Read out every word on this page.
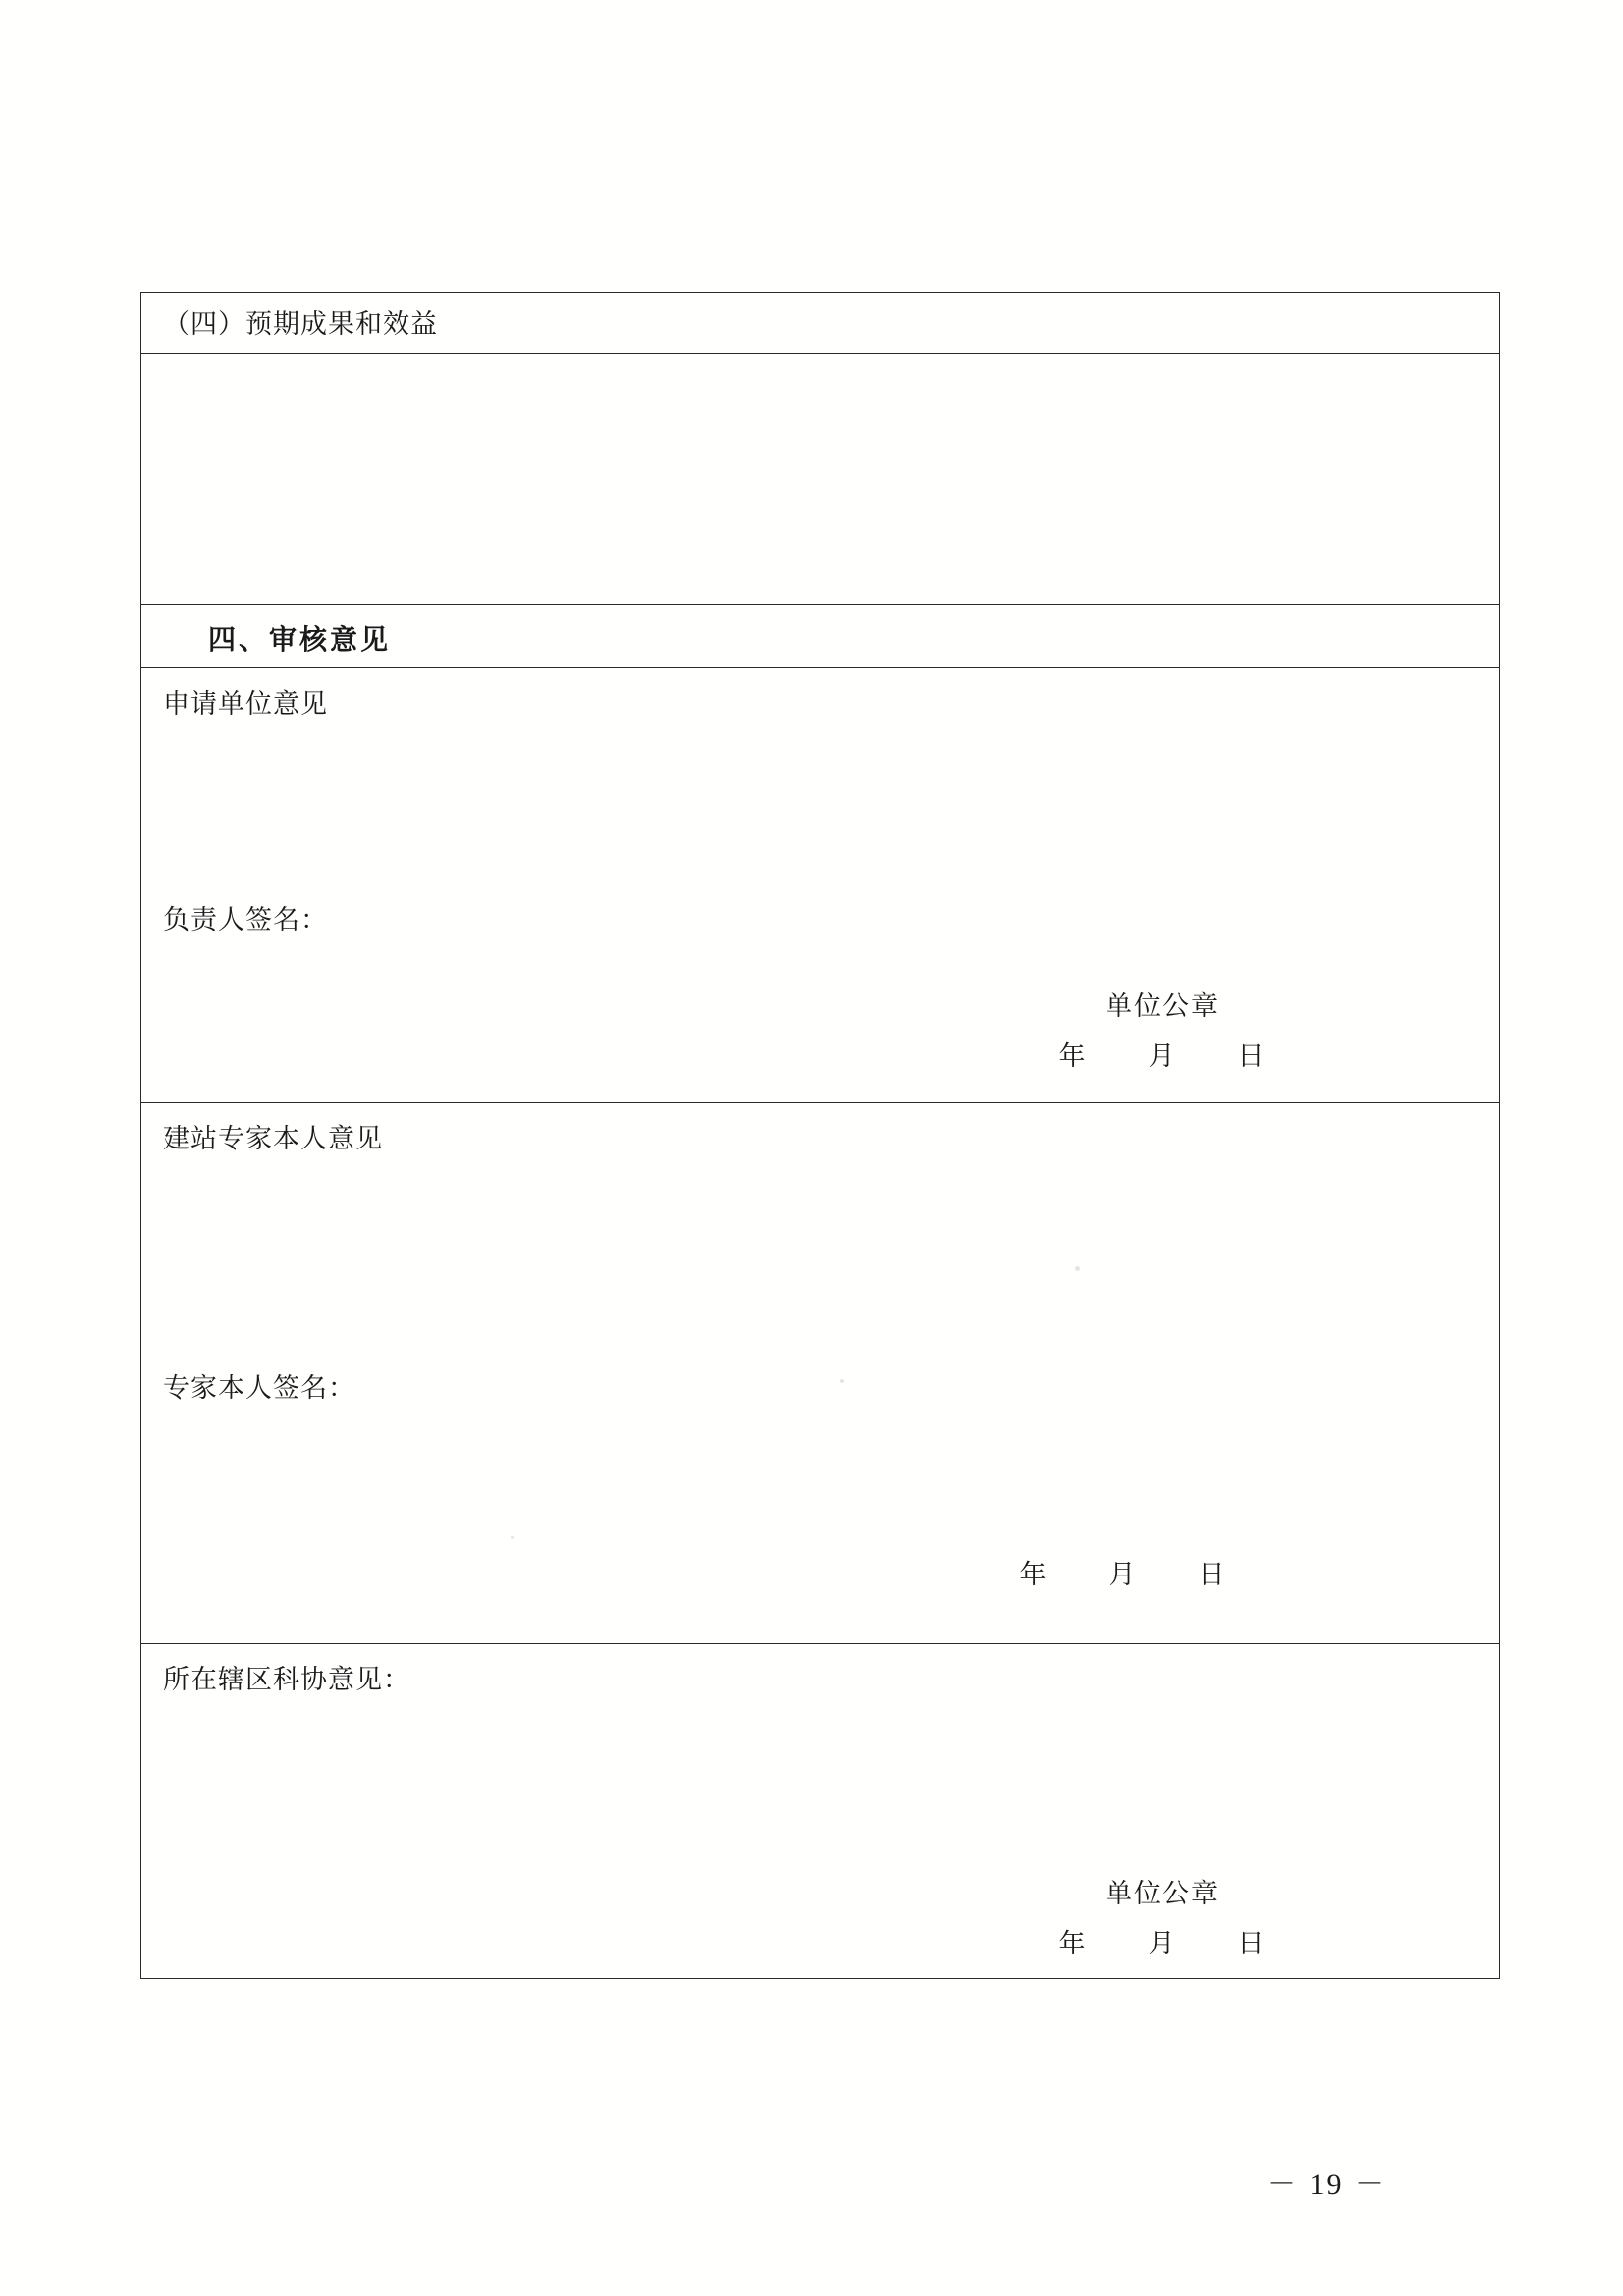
（四）预期成果和效益

四、审核意见

申请单位意见
负责人签名：
单位公章
年 月 日

建站专家本人意见
专家本人签名：
年 月 日

所在辖区科协意见：
单位公章
年 月 日
－ 19 －
